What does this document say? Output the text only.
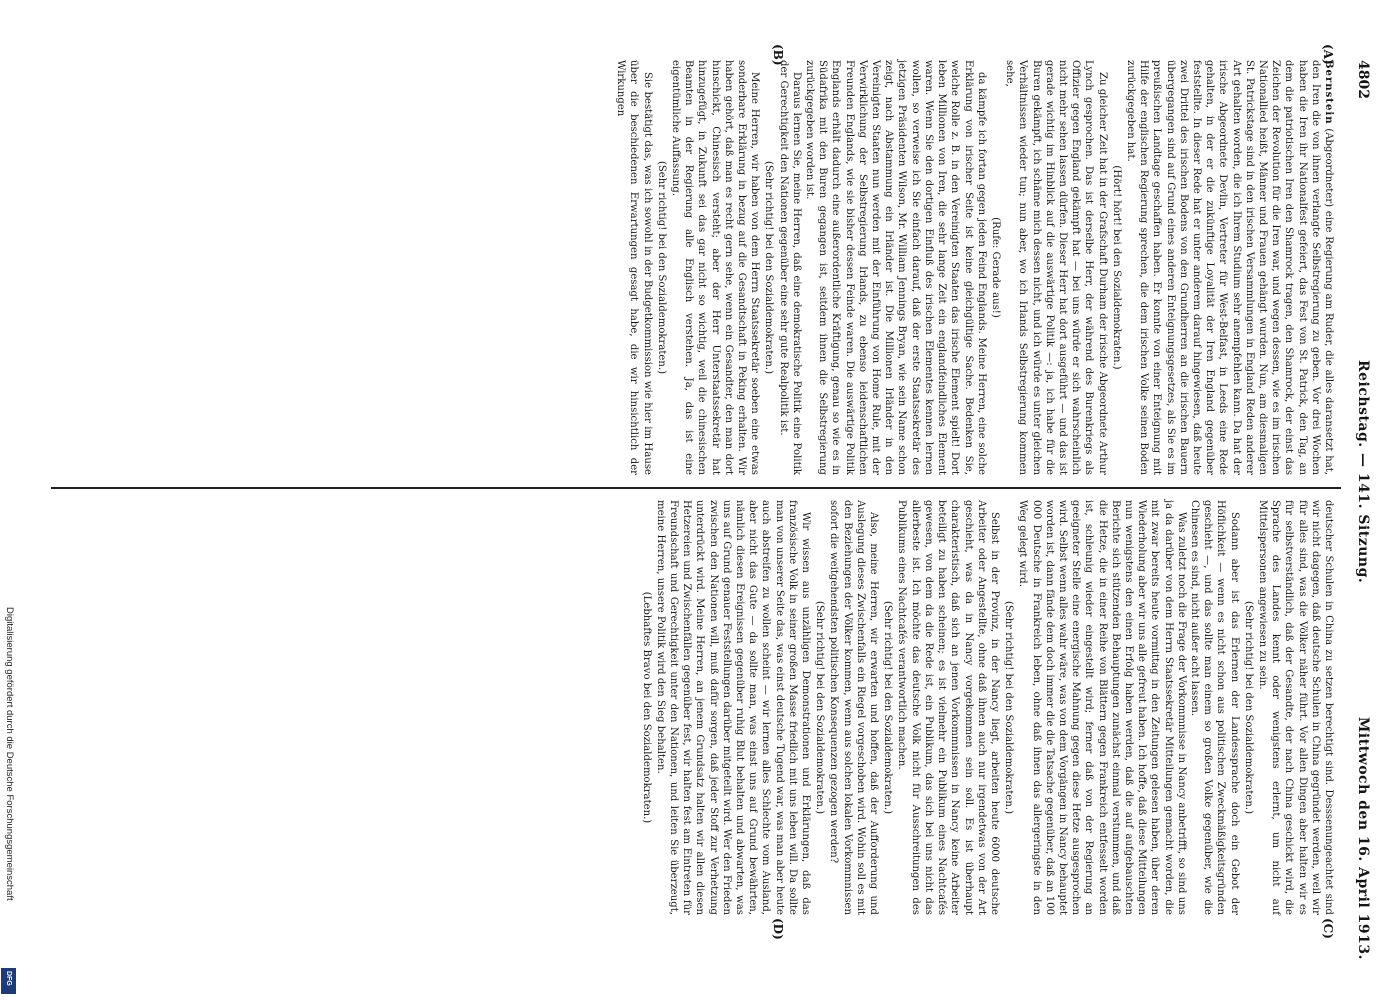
4802
Reichstag. — 141. Sitzung.
Mittwoch den 16. April 1913.
(A)
(B)
(C)
(D)

Bernstein (Abgeordneter) eine Regierung am Ruder, die alles daransetzt hat, den Iren die von ihnen verlangte Selbstregierung zu geben. Vor drei Wochen haben die Iren ihr Nationalfest gefeiert, das Fest von St. Patrick, den Tag, an dem die patriotischen Iren den Shamrock tragen, den Shamrock, der einst das Zeichen der Revolution für die Iren war, und wegen dessen, wie es im irischen Nationallied heißt, Männer und Frauen gehängt wurden. Nun, am diesmaligen St. Patrickstage sind in den irischen Versammlungen in England Reden anderer Art gehalten worden, die ich Ihrem Studium sehr anempfehlen kann. Da hat der irische Abgeordnete Devlin, Vertreter für West-Belfast, in Leeds eine Rede gehalten, in der er die zukünftige Loyalität der Iren England gegenüber feststellte. In dieser Rede hat er unter anderem darauf hingewiesen, daß heute zwei Drittel des irischen Bodens von den Grundherren an die irischen Bauern übergegangen sind auf Grund eines anderen Enteignungsgesetzes, als Sie es im preußischen Landtage geschaffen haben. Er konnte von einer Enteignung mit Hilfe der englischen Regierung sprechen, die dem irischen Volke seinen Boden zurückgegeben hat.

(Hört! hört! bei den Sozialdemokraten.)

Zu gleicher Zeit hat in der Grafschaft Durham der irische Abgeordnete Arthur Lynch gesprochen. Das ist derselbe Herr, der während des Burenkriegs als Offizier gegen England gekämpft hat — bei uns würde er sich wahrscheinlich nicht mehr sehen lassen dürfen. Dieser Herr hat dort ausgeführt — und das ist gerade wichtig im Hinblick auf die auswärtige Politik —: ja, ich habe für die Buren gekämpft, ich schäme mich dessen nicht, und ich würde es unter gleichen Verhältnissen wieder tun; nun aber, wo ich Irlands Selbstregierung kommen sehe,

(Rufe: Gerade aus!)

da kämpfe ich fortan gegen jeden Feind Englands. Meine Herren, eine solche Erklärung von irischer Seite ist keine gleichgültige Sache. Bedenken Sie, welche Rolle z. B. in den Vereinigten Staaten das irische Element spielt! Dort leben Millionen von Iren, die sehr lange Zeit ein englandfeindliches Element waren. Wenn Sie den dortigen Einfluß des irischen Elementes kennen lernen wollen, so verweise ich Sie einfach darauf, daß der erste Staatssekretär des jetzigen Präsidenten Wilson, Mr. William Jennings Bryan, wie sein Name schon zeigt, nach Abstammung ein Irländer ist. Die Millionen Irländer in den Vereinigten Staaten nun werden mit der Einführung von Home Rule, mit der Verwirklichung der Selbstregierung Irlands, zu ebenso leidenschaftlichen Freunden Englands, wie sie bisher dessen Feinde waren. Die auswärtige Politik Englands erhält dadurch eine außerordentliche Kräftigung, genau so wie es in Südafrika mit den Buren gegangen ist, seitdem ihnen die Selbstregierung zurückgegeben worden ist.

Daraus lernen Sie, meine Herren, daß eine demokratische Politik eine Politik der Gerechtigkeit den Nationen gegenüber eine sehr gute Realpolitik ist.

(Sehr richtig! bei den Sozialdemokraten.)

Meine Herren, wir haben von dem Herrn Staatssekretär soeben eine etwas sonderbare Erklärung in bezug auf die Gesandtschaft in Peking erhalten. Wir haben gehört, daß man es recht gern sehe, wenn ein Gesandter, den man dort hinschickt, Chinesisch versteht; aber der Herr Unterstaatssekretär hat hinzugefügt, in Zukunft sei das gar nicht so wichtig, weil die chinesischen Beamten in der Regierung alle Englisch verstehen. Ja, das ist eine eigentümliche Auffassung.

(Sehr richtig! bei den Sozialdemokraten.)

Sie bestätigt das, was ich sowohl in der Budgetkommission wie hier im Hause über die beschiedenen Erwartungen gesagt habe, die wir hinsichtlich der Wirkungen

deutscher Schulen in China zu setzen berechtigt sind. Desssenungeachtet sind wir nicht dagegen, daß deutsche Schulen in China gegründet werden, weil wir für alles sind, was die Völker näher führt. Vor allen Dingen aber halten wir es für selbstverständlich, daß der Gesandte, der nach China geschickt wird, die Sprache des Landes kennt oder wenigstens erlernt, um nicht auf Mittelspersonen angewiesen zu sein.

(Sehr richtig! bei den Sozialdemokraten.)

Sodann aber ist das Erlernen der Landessprache doch ein Gebot der Höflichkeit — wenn es nicht schon aus politischen Zweckmäßigkeitsgründen geschieht —, und das sollte man einem so großen Volke gegenüber, wie die Chinesen es sind, nicht außer acht lassen.

Was zuletzt noch die Frage der Vorkommnisse in Nancy anbetrifft, so sind uns ja da darüber von dem Herrn Staatssekretär Mitteilungen gemacht worden, die mit zwar bereits heute vormittag in den Zeitungen gelesen haben, über deren Wiederholung aber wir uns alle gefreut haben. Ich hoffe, daß diese Mitteilungen nun wenigstens den einen Erfolg haben werden, daß die auf aufgebauschten Berichte sich stützenden Behauptungen zunächst einmal verstummen, und daß die Hetze, die in einer Reihe von Blättern gegen Frankreich entfesselt worden ist, schleunig wieder eingestellt wird; ferner daß von der Regierung an geeigneter Stelle eine energische Mahnung gegen diese Hetze ausgesprochen wird. Selbst wenn alles wahr wäre, was von dem Vorgängen in Nancy behauptet worden ist, dann fände dem doch immer die die Tatsache gegenüber, daß an 100 000 Deutsche in Frankreich leben, ohne daß ihnen das allergeringste in den Weg gelegt wird.

(Sehr richtig! bei den Sozialdemokraten.)

Selbst in der Provinz, in der Nancy liegt, arbeiten heute 6000 deutsche Arbeiter oder Angestellte, ohne daß ihnen auch nur irgendetwas von der Art geschieht, was da in Nancy vorgekommen sein soll. Es ist überhaupt charakteristisch, daß sich an jenen Vorkommnissen in Nancy keine Arbeiter beteiligt zu haben scheinen; es ist vielmehr ein Publikum eines Nachtcafés gewesen, von dem da die Rede ist, ein Publikum, das sich bei uns nicht das allerbeste ist. Ich möchte das deutsche Volk nicht für Ausschreitungen des Publikums eines Nachtcafés verantwortlich machen.

(Sehr richtig! bei den Sozialdemokraten.)

Also, meine Herren, wir erwarten und hoffen, daß der Aufforderung und Auslegung dieses Zwischenfalls ein Riegel vorgeschoben wird. Wohin soll es mit den Beziehungen der Völker kommen, wenn aus solchen lokalen Vorkommnissen sofort die weitgehendsten politischen Konsequenzen gezogen werden?

(Sehr richtig! bei den Sozialdemokraten.)

Wir wissen aus unzähligen Demonstrationen und Erklärungen, daß das französische Volk in seiner großen Masse friedlich mit uns leben will. Da sollte man von unserer Seite das, was einst deutsche Tugend war, was man aber heute auch abstreifen zu wollen scheint — wir lernen alles Schlechte vom Ausland, aber nicht das Gute — da sollte man, was einst uns auf Grund bewährten, nämlich diesen Ereignissen gegenüber ruhig Blut behalten und abwarten, was uns auf Grund genauer Feststellungen darüber mitgeteilt wird. Wer den Frieden zwischen den Nationen will, muß dafür sorgen, daß jeder Stoff zur Verhetzung unterdrückt wird. Meine Herren, an jenem Grundsatz halten wir allen diesen Hetzereien und Zwischenfällen gegenüber fest, wir halten fest am Eintreten für Freundschaft und Gerechtigkeit unter den Nationen, und leiten Sie überzeugt, meine Herren, unsere Politik wird den Sieg behalten.

(Lebhaftes Bravo bei den Sozialdemokraten.)

Digitalisierung gefördert durch die Deutsche Forschungsgemeinschaft
DFG
